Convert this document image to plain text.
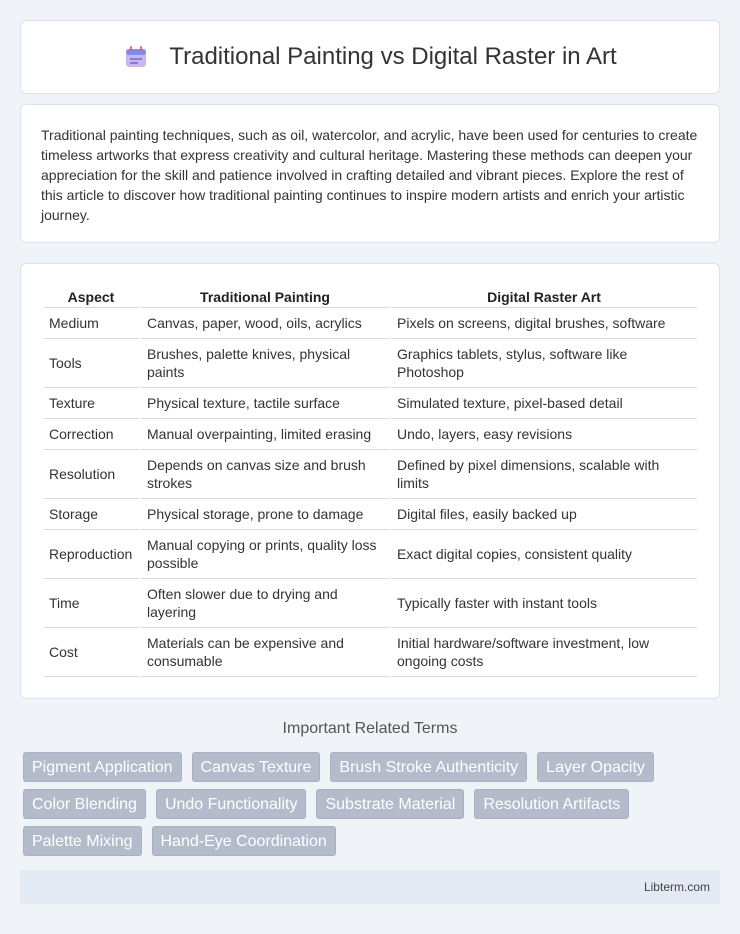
Traditional Painting vs Digital Raster in Art

Traditional painting techniques, such as oil, watercolor, and acrylic, have been used for centuries to create timeless artworks that express creativity and cultural heritage. Mastering these methods can deepen your appreciation for the skill and patience involved in crafting detailed and vibrant pieces. Explore the rest of this article to discover how traditional painting continues to inspire modern artists and enrich your artistic journey.

Aspect	Traditional Painting	Digital Raster Art
Medium	Canvas, paper, wood, oils, acrylics	Pixels on screens, digital brushes, software
Tools	Brushes, palette knives, physical paints	Graphics tablets, stylus, software like Photoshop
Texture	Physical texture, tactile surface	Simulated texture, pixel-based detail
Correction	Manual overpainting, limited erasing	Undo, layers, easy revisions
Resolution	Depends on canvas size and brush strokes	Defined by pixel dimensions, scalable with limits
Storage	Physical storage, prone to damage	Digital files, easily backed up
Reproduction	Manual copying or prints, quality loss possible	Exact digital copies, consistent quality
Time	Often slower due to drying and layering	Typically faster with instant tools
Cost	Materials can be expensive and consumable	Initial hardware/software investment, low ongoing costs
Important Related Terms
Pigment Application	Canvas Texture	Brush Stroke Authenticity	Layer Opacity
Color Blending	Undo Functionality	Substrate Material	Resolution Artifacts
Palette Mixing	Hand-Eye Coordination
Libterm.com
